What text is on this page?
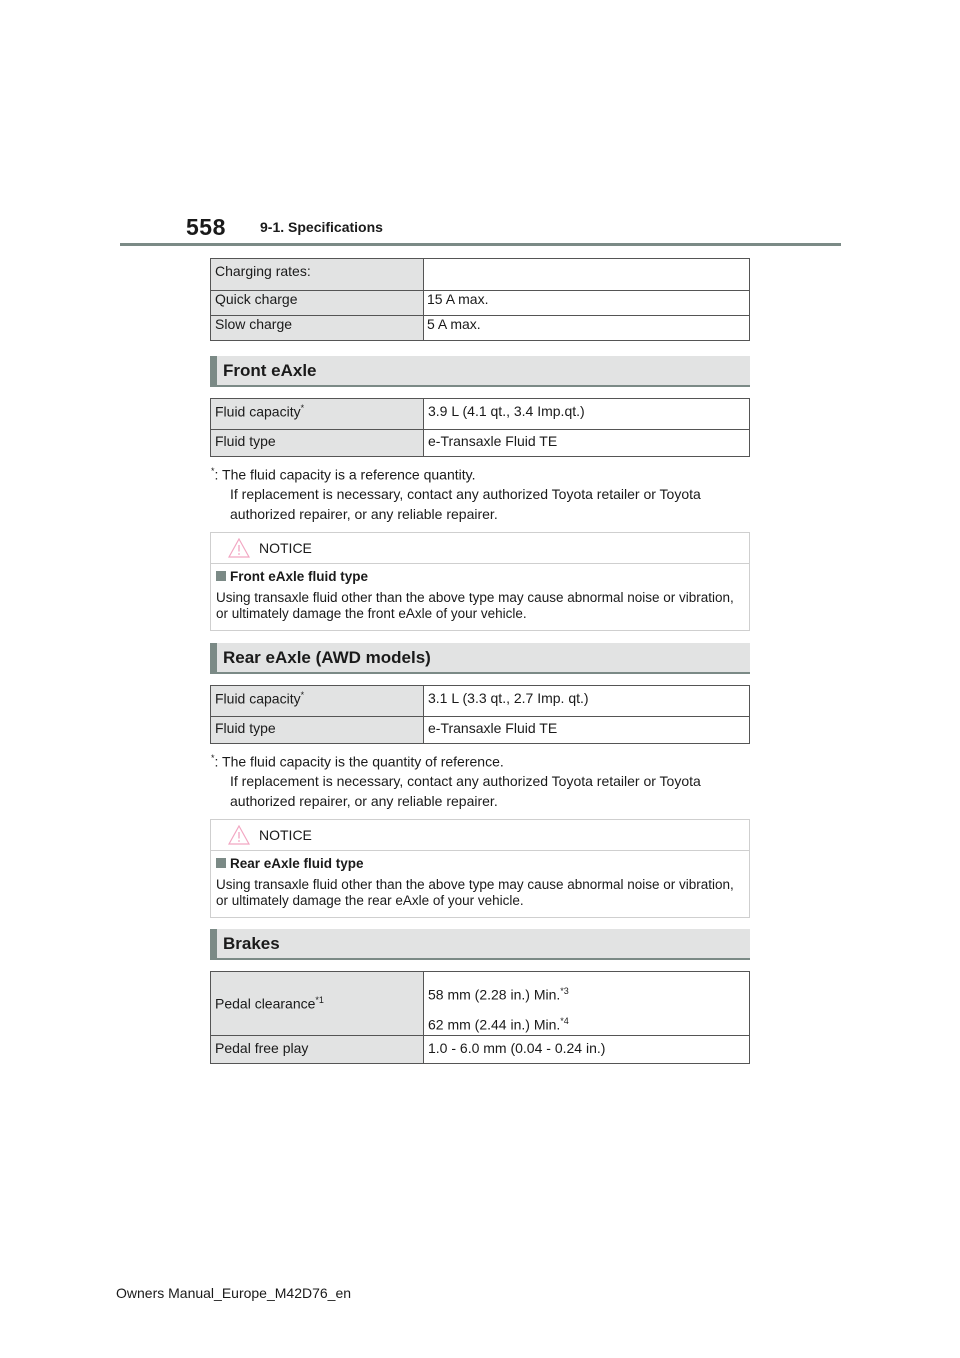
558 9-1. Specifications
Charging rates:	
Quick charge	15 A max.
Slow charge	5 A max.
Front eAxle
Fluid capacity*	3.9 L (4.1 qt., 3.4 Imp.qt.)
Fluid type	e-Transaxle Fluid TE
*: The fluid capacity is a reference quantity.
If replacement is necessary, contact any authorized Toyota retailer or Toyota
authorized repairer, or any reliable repairer.
NOTICE
Front eAxle fluid type
Using transaxle fluid other than the above type may cause abnormal noise or vibration, or ultimately damage the front eAxle of your vehicle.
Rear eAxle (AWD models)
Fluid capacity*	3.1 L (3.3 qt., 2.7 Imp. qt.)
Fluid type	e-Transaxle Fluid TE
*: The fluid capacity is the quantity of reference.
If replacement is necessary, contact any authorized Toyota retailer or Toyota
authorized repairer, or any reliable repairer.
NOTICE
Rear eAxle fluid type
Using transaxle fluid other than the above type may cause abnormal noise or vibration, or ultimately damage the rear eAxle of your vehicle.
Brakes
Pedal clearance$^{*1}$	58 mm (2.28 in.) Min.$^{*3}$
62 mm (2.44 in.) Min.$^{*4}$

Pedal free play	1.0 - 6.0 mm (0.04 - 0.24 in.)
Owners Manual_Europe_M42D76_en
